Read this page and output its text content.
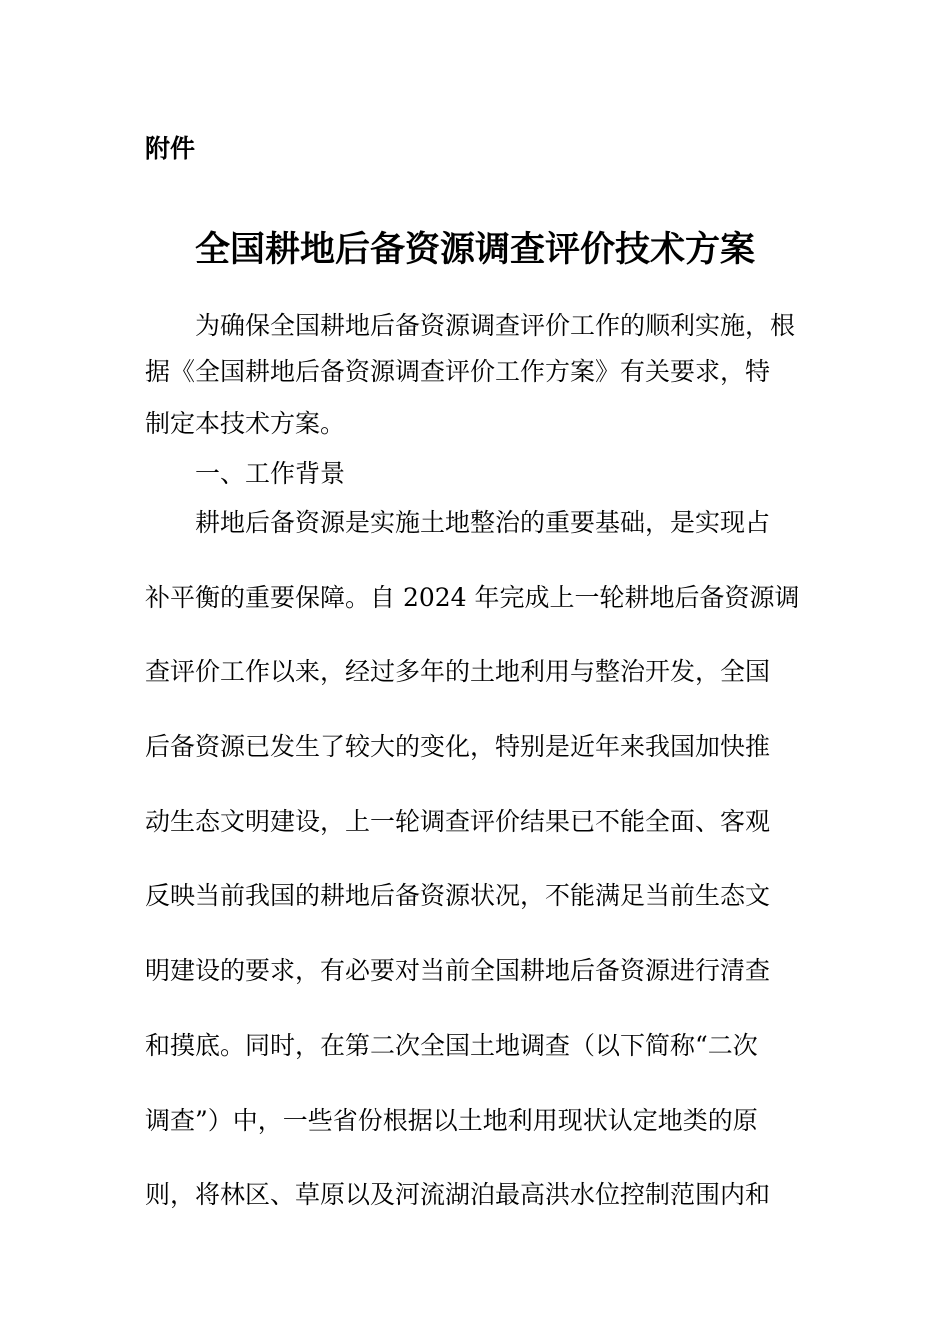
附件

全国耕地后备资源调查评价技术方案

为确保全国耕地后备资源调查评价工作的顺利实施，根

据《全国耕地后备资源调查评价工作方案》有关要求，特

制定本技术方案。

一、工作背景

耕地后备资源是实施土地整治的重要基础，是实现占

补平衡的重要保障。自 2024 年完成上一轮耕地后备资源调

查评价工作以来，经过多年的土地利用与整治开发，全国

后备资源已发生了较大的变化，特别是近年来我国加快推

动生态文明建设，上一轮调查评价结果已不能全面、客观

反映当前我国的耕地后备资源状况，不能满足当前生态文

明建设的要求，有必要对当前全国耕地后备资源进行清查

和摸底。同时，在第二次全国土地调查（以下简称“二次

调查”）中，一些省份根据以土地利用现状认定地类的原

则，将林区、草原以及河流湖泊最高洪水位控制范围内和
